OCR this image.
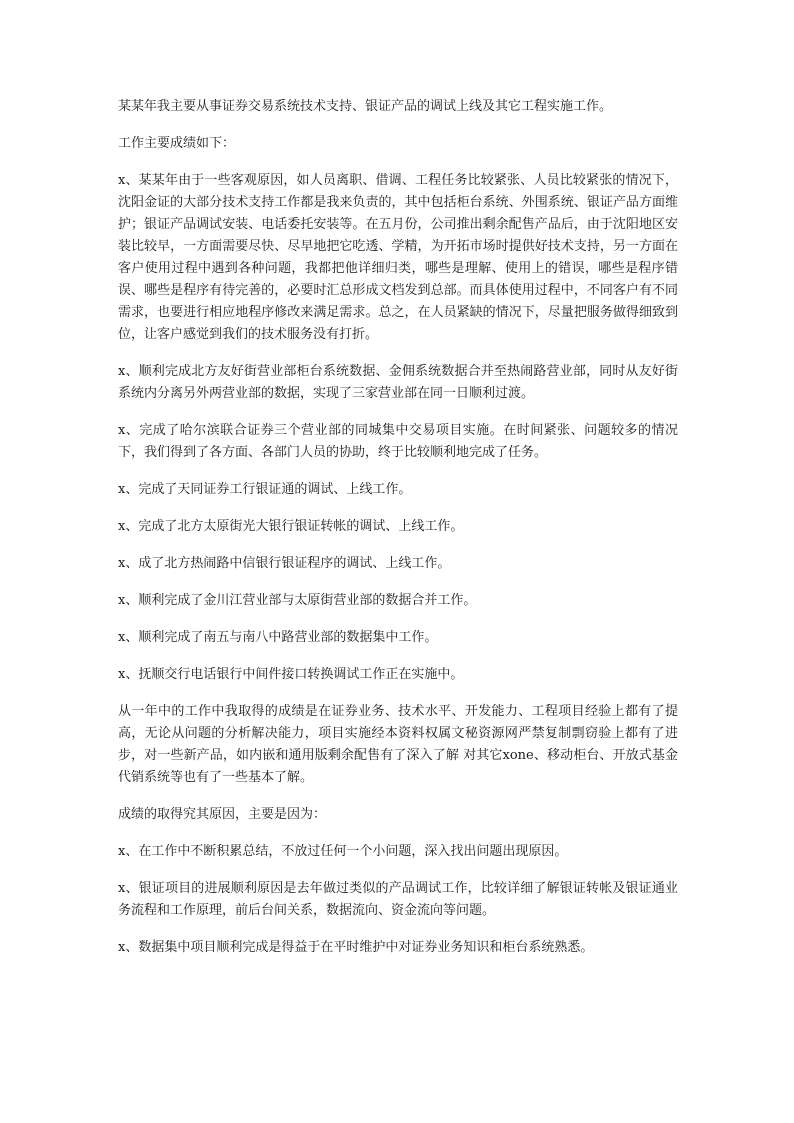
某某年我主要从事证券交易系统技术支持、银证产品的调试上线及其它工程实施工作。

工作主要成绩如下：

x、某某年由于一些客观原因，如人员离职、借调、工程任务比较紧张、人员比较紧张的情况下，沈阳金证的大部分技术支持工作都是我来负责的，其中包括柜台系统、外围系统、银证产品方面维护；银证产品调试安装、电话委托安装等。在五月份，公司推出剩余配售产品后，由于沈阳地区安装比较早，一方面需要尽快、尽早地把它吃透、学精，为开拓市场时提供好技术支持，另一方面在客户使用过程中遇到各种问题，我都把他详细归类，哪些是理解、使用上的错误，哪些是程序错误、哪些是程序有待完善的，必要时汇总形成文档发到总部。而具体使用过程中，不同客户有不同需求，也要进行相应地程序修改来满足需求。总之，在人员紧缺的情况下，尽量把服务做得细致到位，让客户感觉到我们的技术服务没有打折。

x、顺利完成北方友好街营业部柜台系统数据、金佣系统数据合并至热闹路营业部，同时从友好街系统内分离另外两营业部的数据，实现了三家营业部在同一日顺利过渡。

x、完成了哈尔滨联合证券三个营业部的同城集中交易项目实施。在时间紧张、问题较多的情况下，我们得到了各方面、各部门人员的协助，终于比较顺利地完成了任务。

x、完成了天同证券工行银证通的调试、上线工作。

x、完成了北方太原街光大银行银证转帐的调试、上线工作。

x、成了北方热闹路中信银行银证程序的调试、上线工作。

x、顺利完成了金川江营业部与太原街营业部的数据合并工作。

x、顺利完成了南五与南八中路营业部的数据集中工作。

x、抚顺交行电话银行中间件接口转换调试工作正在实施中。

从一年中的工作中我取得的成绩是在证券业务、技术水平、开发能力、工程项目经验上都有了提高，无论从问题的分析解决能力，项目实施经本资料权属文秘资源网严禁复制剽窃验上都有了进步，对一些新产品，如内嵌和通用版剩余配售有了深入了解 对其它xone、移动柜台、开放式基金代销系统等也有了一些基本了解。

成绩的取得究其原因，主要是因为：

x、在工作中不断积累总结，不放过任何一个小问题，深入找出问题出现原因。

x、银证项目的进展顺利原因是去年做过类似的产品调试工作，比较详细了解银证转帐及银证通业务流程和工作原理，前后台间关系，数据流向、资金流向等问题。

x、数据集中项目顺利完成是得益于在平时维护中对证券业务知识和柜台系统熟悉。
